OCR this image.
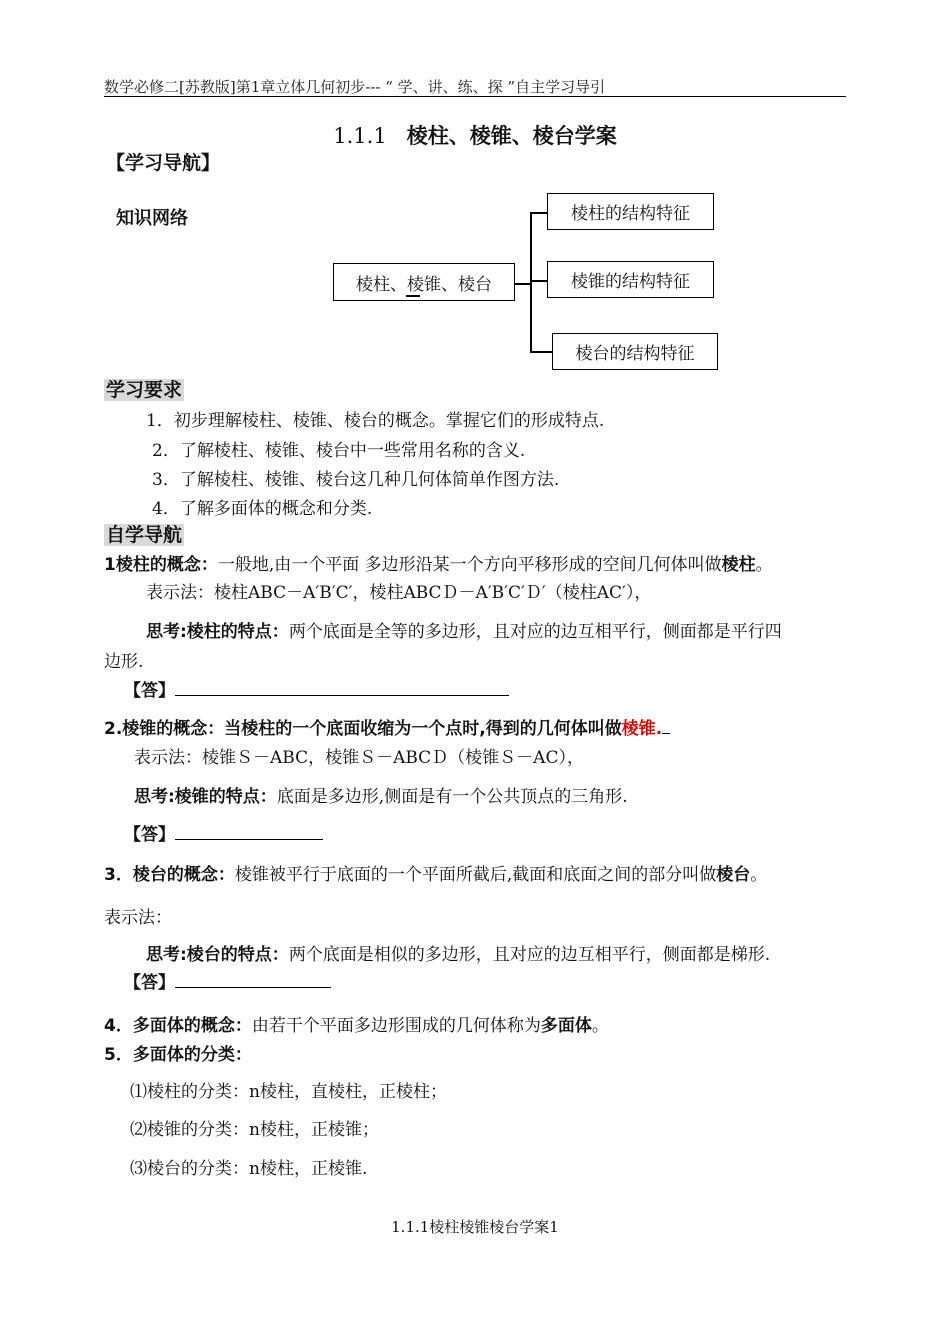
数学必修二[苏教版]第1章立体几何初步--- “ 学、讲、练、探 ”自主学习导引
1.1.1 棱柱、棱锥、棱台学案
【学习导航】
知识网络
棱柱、棱锥、棱台
棱柱的结构特征
棱锥的结构特征
棱台的结构特征
学习要求
1．初步理解棱柱、棱锥、棱台的概念。掌握它们的形成特点.
2．了解棱柱、棱锥、棱台中一些常用名称的含义.
3．了解棱柱、棱锥、棱台这几种几何体简单作图方法.
4．了解多面体的概念和分类.
自学导航
1棱柱的概念：一般地,由一个平面 多边形沿某一个方向平移形成的空间几何体叫做棱柱。
表示法：棱柱ABC－A′B′C′，棱柱ABCＤ－A′B′C′Ｄ′（棱柱AC′），
思考:棱柱的特点：两个底面是全等的多边形，且对应的边互相平行，侧面都是平行四
边形.
【答】
2.棱锥的概念：当棱柱的一个底面收缩为一个点时,得到的几何体叫做棱锥.
表示法：棱锥Ｓ－ABC，棱锥Ｓ－ABCＤ（棱锥Ｓ－AC），
思考:棱锥的特点：底面是多边形,侧面是有一个公共顶点的三角形.
【答】
3．棱台的概念：棱锥被平行于底面的一个平面所截后,截面和底面之间的部分叫做棱台。
表示法：
思考:棱台的特点：两个底面是相似的多边形，且对应的边互相平行，侧面都是梯形.
【答】
4．多面体的概念：由若干个平面多边形围成的几何体称为多面体。
5．多面体的分类：
⑴棱柱的分类：n棱柱，直棱柱，正棱柱；
⑵棱锥的分类：n棱柱，正棱锥；
⑶棱台的分类：n棱柱，正棱锥.
1.1.1棱柱棱锥棱台学案1
